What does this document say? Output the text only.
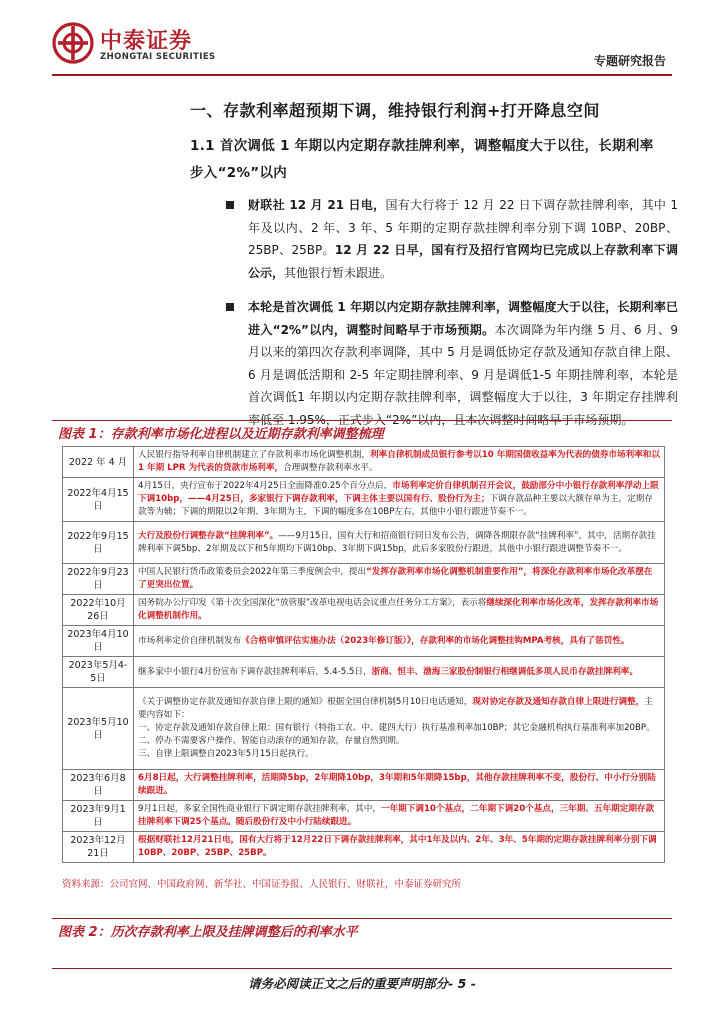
中泰证券
ZHONGTAI SECURITIES	专题研究报告
一、存款利率超预期下调，维持银行利润+打开降息空间
1.1 首次调低 1 年期以内定期存款挂牌利率，调整幅度大于以往，长期利率步入“2%”以内
财联社 12 月 21 日电，国有大行将于 12 月 22 日下调存款挂牌利率，其中 1 年及以内、2 年、3 年、5 年期的定期存款挂牌利率分别下调 10BP、20BP、25BP、25BP。12 月 22 日早，国有行及招行官网均已完成以上存款利率下调公示，其他银行暂未跟进。
本轮是首次调低 1 年期以内定期存款挂牌利率，调整幅度大于以往，长期利率已进入“2%”以内，调整时间略早于市场预期。本次调降为年内继 5 月、6 月、9 月以来的第四次存款利率调降，其中 5 月是调低协定存款及通知存款自律上限、6 月是调低活期和 2-5 年定期挂牌利率、9 月是调低1-5 年期挂牌利率，本轮是首次调低1 年期以内定期存款挂牌利率，调整幅度大于以往，3 年期定存挂牌利率低至 1.95%，正式步入“2%”以内，且本次调整时间略早于市场预期。
图表 1：存款利率市场化进程以及近期存款利率调整梳理
2022 年 4 月	人民银行指导利率自律机制建立了存款利率市场化调整机制，利率自律机制成员银行参考以10 年期国债收益率为代表的债券市场利率和以 1 年期 LPR 为代表的贷款市场利率，合理调整存款利率水平。
2022年4月15日	4月15日，央行宣布于2022年4月25日全面降准0.25个百分点后，市场利率定价自律机制召开会议，鼓励部分中小银行存款利率浮动上限下调10bp，——4月25日，多家银行下调存款利率，下调主体主要以国有行、股份行为主；下调存款品种主要以大额存单为主，定期存款等为辅；下调的期限以2年期、3年期为主，下调的幅度多在10BP左右，其他中小银行跟进节奏不一。
2022年9月15日	大行及股份行调整存款“挂牌利率”。——9月15日，国有大行和招商银行同日发布公告，调降各期限存款“挂牌利率”，其中，活期存款挂牌利率下调5bp、2年期及以下和5年期均下调10bp、3年期下调15bp，此后多家股份行跟进，其他中小银行跟进调整节奏不一。
2022年9月23日	中国人民银行货币政策委员会2022年第三季度例会中，提出“发挥存款利率市场化调整机制重要作用”，将深化存款利率市场化改革摆在了更突出位置。
2022年10月26日	国务院办公厅印发《第十次全国深化“放管服”改革电视电话会议重点任务分工方案》，表示将继续深化利率市场化改革，发挥存款利率市场化调整机制作用。
2023年4月10日	市场利率定价自律机制发布《合格审慎评估实施办法（2023年修订版）》，存款利率的市场化调整挂钩MPA考核，具有了惩罚性。
2023年5月4-5日	继多家中小银行4月份宣布下调存款挂牌利率后，5.4-5.5日，浙商、恒丰、渤海三家股份制银行相继调低多项人民币存款挂牌利率。
2023年5月10日	《关于调整协定存款及通知存款自律上限的通知》根据全国自律机制5月10日电话通知，现对协定存款及通知存款自律上限进行调整，主要内容如下：
一、协定存款及通知存款自律上限：国有银行（特指工农、中、建四大行）执行基准利率加10BP；其它金融机构执行基准利率加20BP。
二、停办不需要客户操作、智能自动滚存的通知存款，存量自然到期。
三、自律上限调整自2023年5月15日起执行。
2023年6月8日	6月8日起，大行调整挂牌利率，活期降5bp，2年期降10bp，3年期和5年期降15bp，其他存款挂牌利率不变，股份行、中小行分别陆续跟进。
2023年9月1日	9月1日起，多家全国性商业银行下调定期存款挂牌利率，其中，一年期下调10个基点，二年期下调20个基点，三年期、五年期定期存款挂牌利率下调25个基点。随后股份行及中小行陆续跟进。
2023年12月21日	根据财联社12月21日电，国有大行将于12月22日下调存款挂牌利率，其中1年及以内、2年、3年、5年期的定期存款挂牌利率分别下调10BP、20BP、25BP、25BP。
资料来源：公司官网、中国政府网、新华社、中国证券报、人民银行、财联社，中泰证券研究所
图表 2：历次存款利率上限及挂牌调整后的利率水平
请务必阅读正文之后的重要声明部分- 5 -
